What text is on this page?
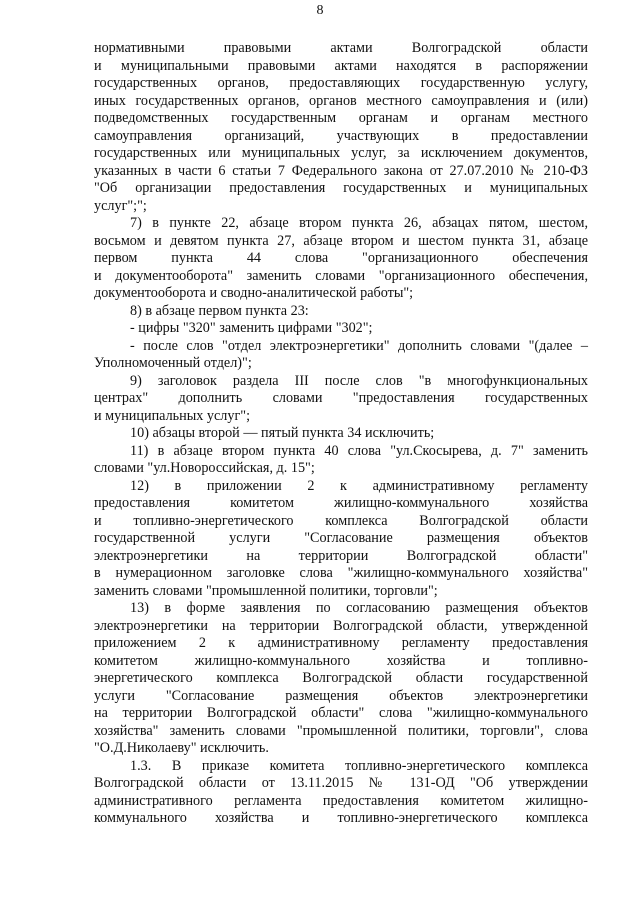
8

нормативными правовыми актами Волгоградской области
и муниципальными правовыми актами находятся в распоряжении
государственных органов, предоставляющих государственную услугу,
иных государственных органов, органов местного самоуправления и (или)
подведомственных государственным органам и органам местного
самоуправления организаций, участвующих в предоставлении
государственных или муниципальных услуг, за исключением документов,
указанных в части 6 статьи 7 Федерального закона от 27.07.2010 № 210-ФЗ
"Об организации предоставления государственных и муниципальных
услуг";";

7) в пункте 22, абзаце втором пункта 26, абзацах пятом, шестом,
восьмом и девятом пункта 27, абзаце втором и шестом пункта 31, абзаце
первом пункта 44 слова "организационного обеспечения
и документооборота" заменить словами "организационного обеспечения,
документооборота и сводно-аналитической работы";

8) в абзаце первом пункта 23:

- цифры "320" заменить цифрами "302";

- после слов "отдел электроэнергетики" дополнить словами "(далее –
Уполномоченный отдел)";

9) заголовок раздела III после слов "в многофункциональных
центрах" дополнить словами "предоставления государственных
и муниципальных услуг";

10) абзацы второй — пятый пункта 34 исключить;

11) в абзаце втором пункта 40 слова "ул.Скосырева, д. 7" заменить
словами "ул.Новороссийская, д. 15";

12) в приложении 2 к административному регламенту
предоставления комитетом жилищно-коммунального хозяйства
и топливно-энергетического комплекса Волгоградской области
государственной услуги "Согласование размещения объектов
электроэнергетики на территории Волгоградской области"
в нумерационном заголовке слова "жилищно-коммунального хозяйства"
заменить словами "промышленной политики, торговли";

13) в форме заявления по согласованию размещения объектов
электроэнергетики на территории Волгоградской области, утвержденной
приложением 2 к административному регламенту предоставления
комитетом жилищно-коммунального хозяйства и топливно-
энергетического комплекса Волгоградской области государственной
услуги "Согласование размещения объектов электроэнергетики
на территории Волгоградской области" слова "жилищно-коммунального
хозяйства" заменить словами "промышленной политики, торговли", слова
"О.Д.Николаеву" исключить.

1.3. В приказе комитета топливно-энергетического комплекса
Волгоградской области от 13.11.2015 № 131-ОД "Об утверждении
административного регламента предоставления комитетом жилищно-
коммунального хозяйства и топливно-энергетического комплекса
